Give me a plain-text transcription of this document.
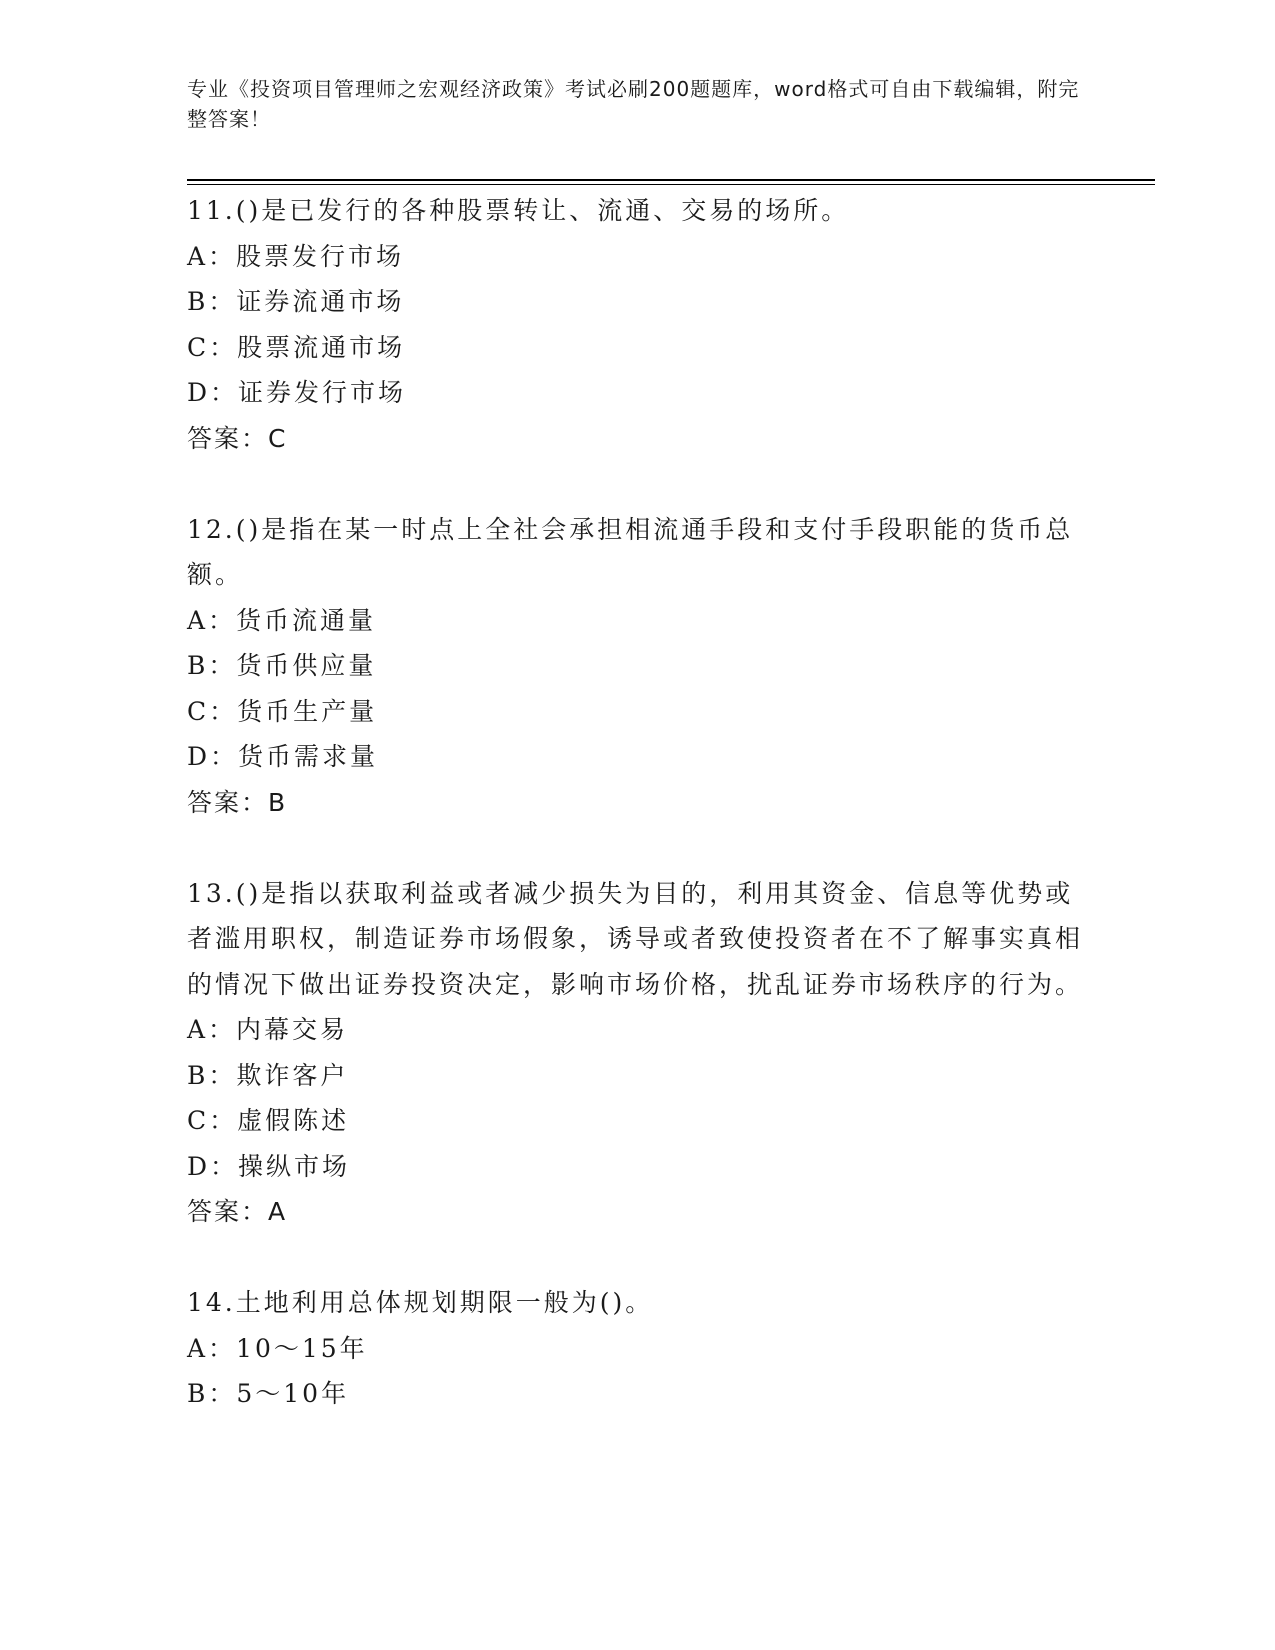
专业《投资项目管理师之宏观经济政策》考试必刷200题题库，word格式可自由下载编辑，附完整答案！

11.()是已发行的各种股票转让、流通、交易的场所。

A：股票发行市场

B：证券流通市场

C：股票流通市场

D：证券发行市场

答案：C

12.()是指在某一时点上全社会承担相流通手段和支付手段职能的货币总额。

A：货币流通量

B：货币供应量

C：货币生产量

D：货币需求量

答案：B

13.()是指以获取利益或者减少损失为目的，利用其资金、信息等优势或者滥用职权，制造证券市场假象，诱导或者致使投资者在不了解事实真相的情况下做出证券投资决定，影响市场价格，扰乱证券市场秩序的行为。

A：内幕交易

B：欺诈客户

C：虚假陈述

D：操纵市场

答案：A

14.土地利用总体规划期限一般为()。

A：10～15年

B：5～10年
